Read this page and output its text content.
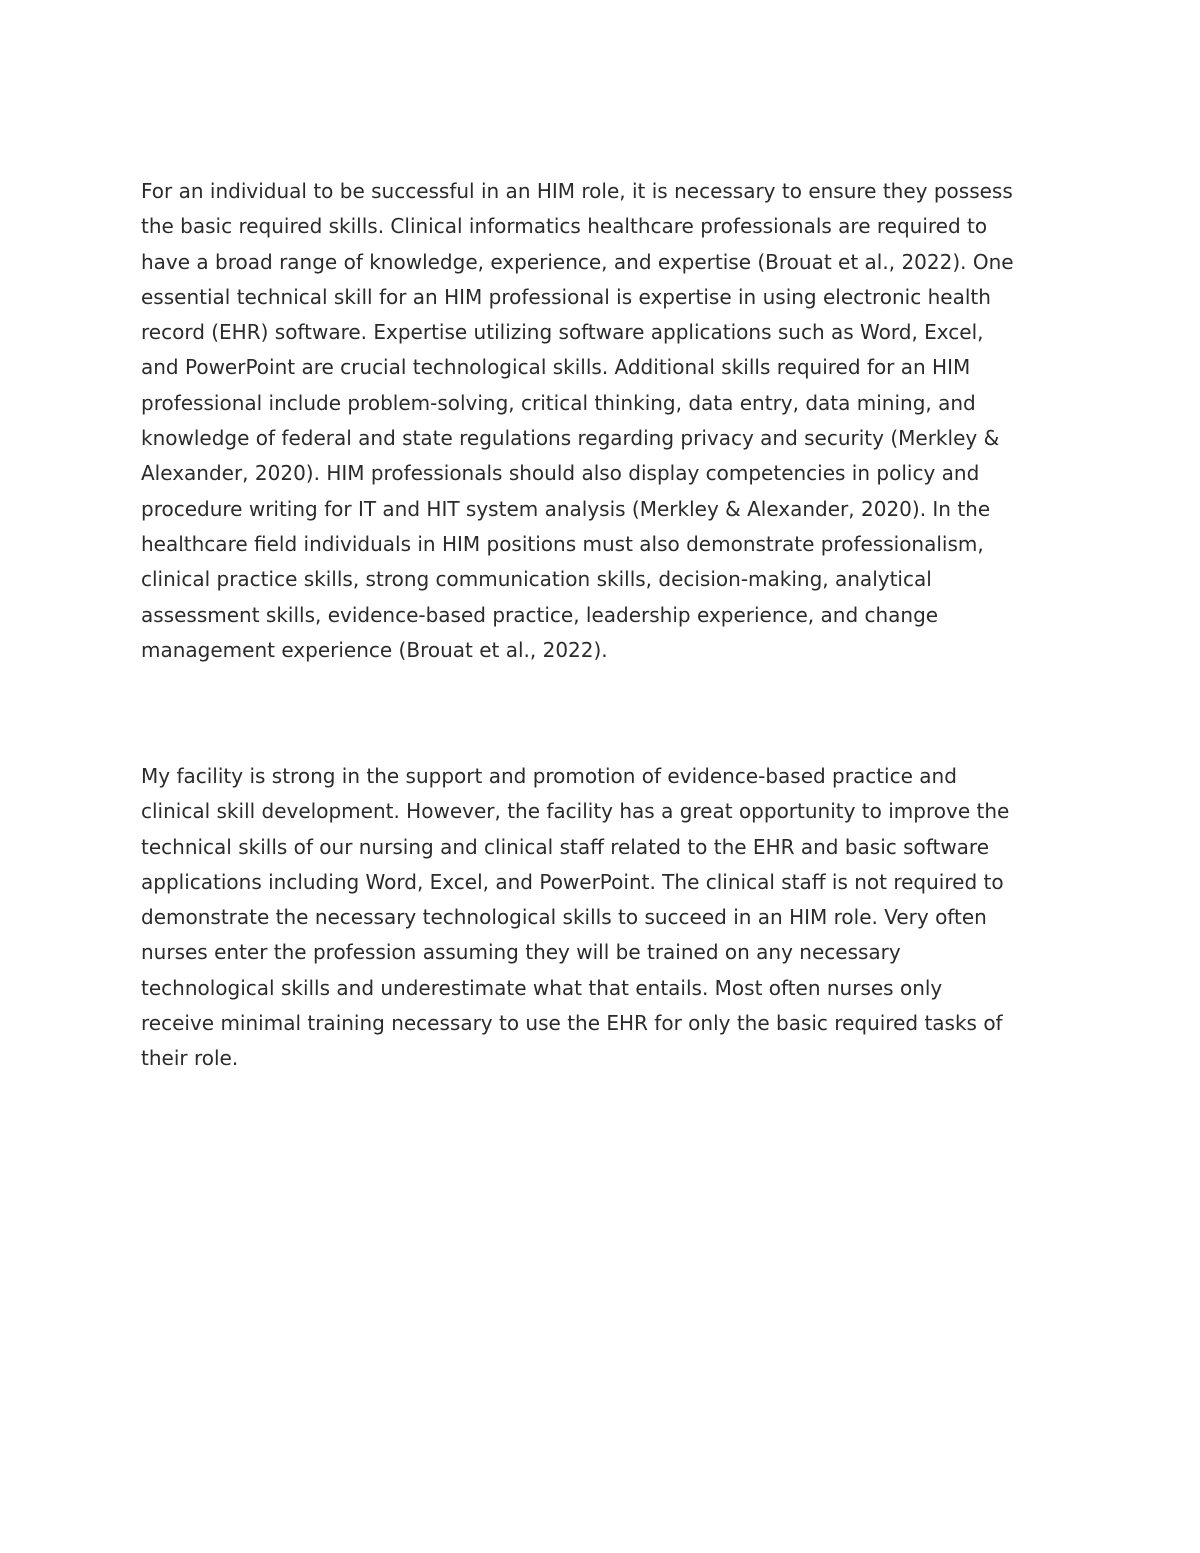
For an individual to be successful in an HIM role, it is necessary to ensure they possess
the basic required skills. Clinical informatics healthcare professionals are required to
have a broad range of knowledge, experience, and expertise (Brouat et al., 2022). One
essential technical skill for an HIM professional is expertise in using electronic health
record (EHR) software. Expertise utilizing software applications such as Word, Excel,
and PowerPoint are crucial technological skills. Additional skills required for an HIM
professional include problem-solving, critical thinking, data entry, data mining, and
knowledge of federal and state regulations regarding privacy and security (Merkley &
Alexander, 2020). HIM professionals should also display competencies in policy and
procedure writing for IT and HIT system analysis (Merkley & Alexander, 2020). In the
healthcare field individuals in HIM positions must also demonstrate professionalism,
clinical practice skills, strong communication skills, decision-making, analytical
assessment skills, evidence-based practice, leadership experience, and change
management experience (Brouat et al., 2022).

My facility is strong in the support and promotion of evidence-based practice and
clinical skill development. However, the facility has a great opportunity to improve the
technical skills of our nursing and clinical staff related to the EHR and basic software
applications including Word, Excel, and PowerPoint. The clinical staff is not required to
demonstrate the necessary technological skills to succeed in an HIM role. Very often
nurses enter the profession assuming they will be trained on any necessary
technological skills and underestimate what that entails. Most often nurses only
receive minimal training necessary to use the EHR for only the basic required tasks of
their role.
